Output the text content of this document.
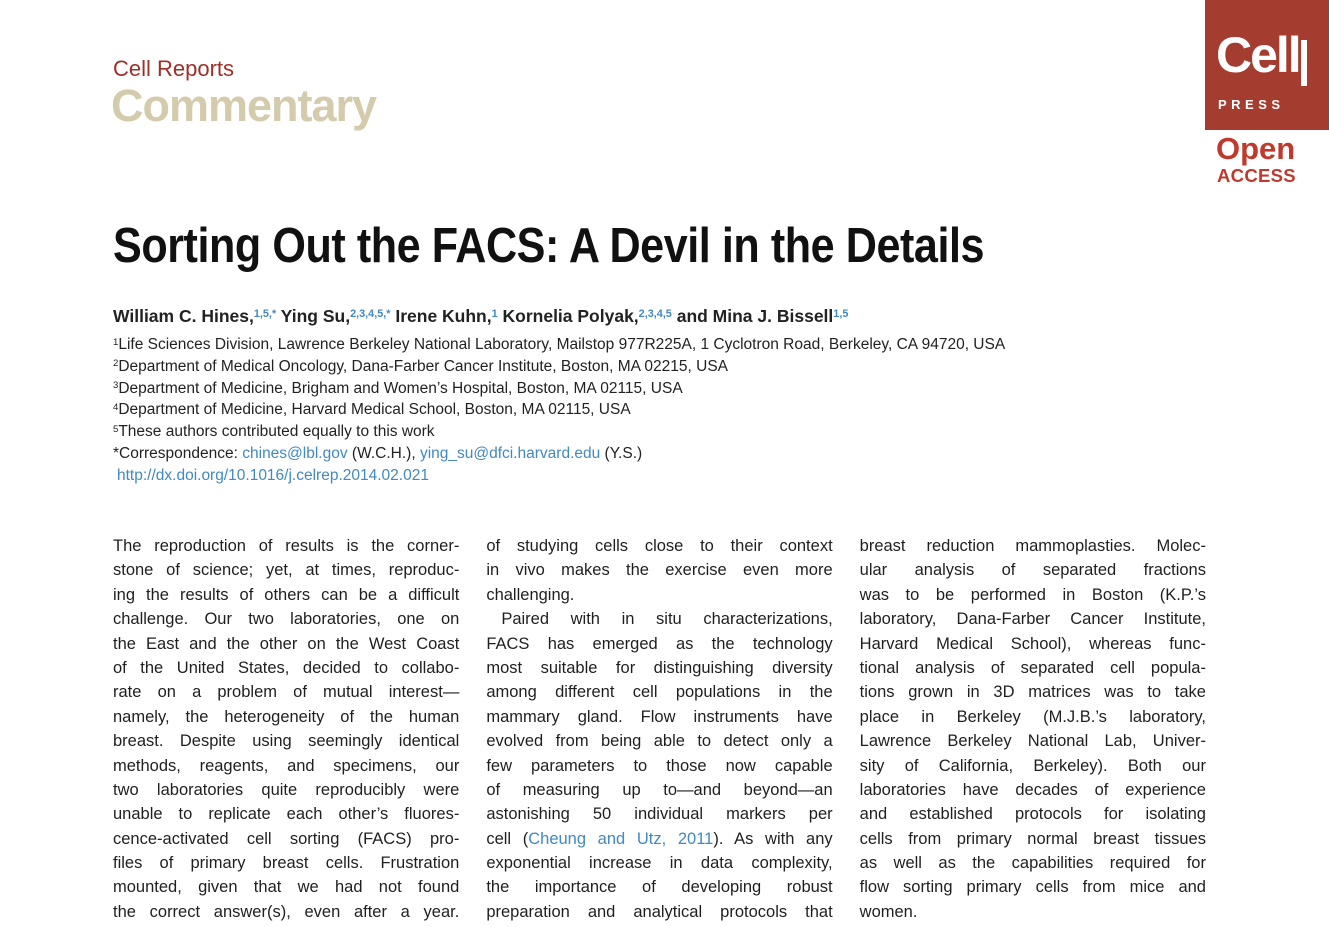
Cell Reports
Commentary
Cell
PRESS
Open
ACCESS
Sorting Out the FACS: A Devil in the Details
William C. Hines,$^{1,5,*}$ Ying Su,$^{2,3,4,5,*}$ Irene Kuhn,$^1$ Kornelia Polyak,$^{2,3,4,5}$ and Mina J. Bissell$^{1,5}$
$^1$Life Sciences Division, Lawrence Berkeley National Laboratory, Mailstop 977R225A, 1 Cyclotron Road, Berkeley, CA 94720, USA
$^2$Department of Medical Oncology, Dana-Farber Cancer Institute, Boston, MA 02215, USA
$^3$Department of Medicine, Brigham and Women’s Hospital, Boston, MA 02115, USA
$^4$Department of Medicine, Harvard Medical School, Boston, MA 02115, USA
$^5$These authors contributed equally to this work
*Correspondence: chines@lbl.gov (W.C.H.), ying_su@dfci.harvard.edu (Y.S.)
http://dx.doi.org/10.1016/j.celrep.2014.02.021
The reproduction of results is the corner-
stone of science; yet, at times, reproduc-
ing the results of others can be a difficult
challenge. Our two laboratories, one on
the East and the other on the West Coast
of the United States, decided to collabo-
rate on a problem of mutual interest—
namely, the heterogeneity of the human
breast. Despite using seemingly identical
methods, reagents, and specimens, our
two laboratories quite reproducibly were
unable to replicate each other’s fluores-
cence-activated cell sorting (FACS) pro-
files of primary breast cells. Frustration
mounted, given that we had not found
the correct answer(s), even after a year.
of studying cells close to their context
in vivo makes the exercise even more
challenging.
Paired with in situ characterizations,
FACS has emerged as the technology
most suitable for distinguishing diversity
among different cell populations in the
mammary gland. Flow instruments have
evolved from being able to detect only a
few parameters to those now capable
of measuring up to—and beyond—an
astonishing 50 individual markers per
cell (Cheung and Utz, 2011). As with any
exponential increase in data complexity,
the importance of developing robust
preparation and analytical protocols that
breast reduction mammoplasties. Molec-
ular analysis of separated fractions
was to be performed in Boston (K.P.’s
laboratory, Dana-Farber Cancer Institute,
Harvard Medical School), whereas func-
tional analysis of separated cell popula-
tions grown in 3D matrices was to take
place in Berkeley (M.J.B.’s laboratory,
Lawrence Berkeley National Lab, Univer-
sity of California, Berkeley). Both our
laboratories have decades of experience
and established protocols for isolating
cells from primary normal breast tissues
as well as the capabilities required for
flow sorting primary cells from mice and
women.
